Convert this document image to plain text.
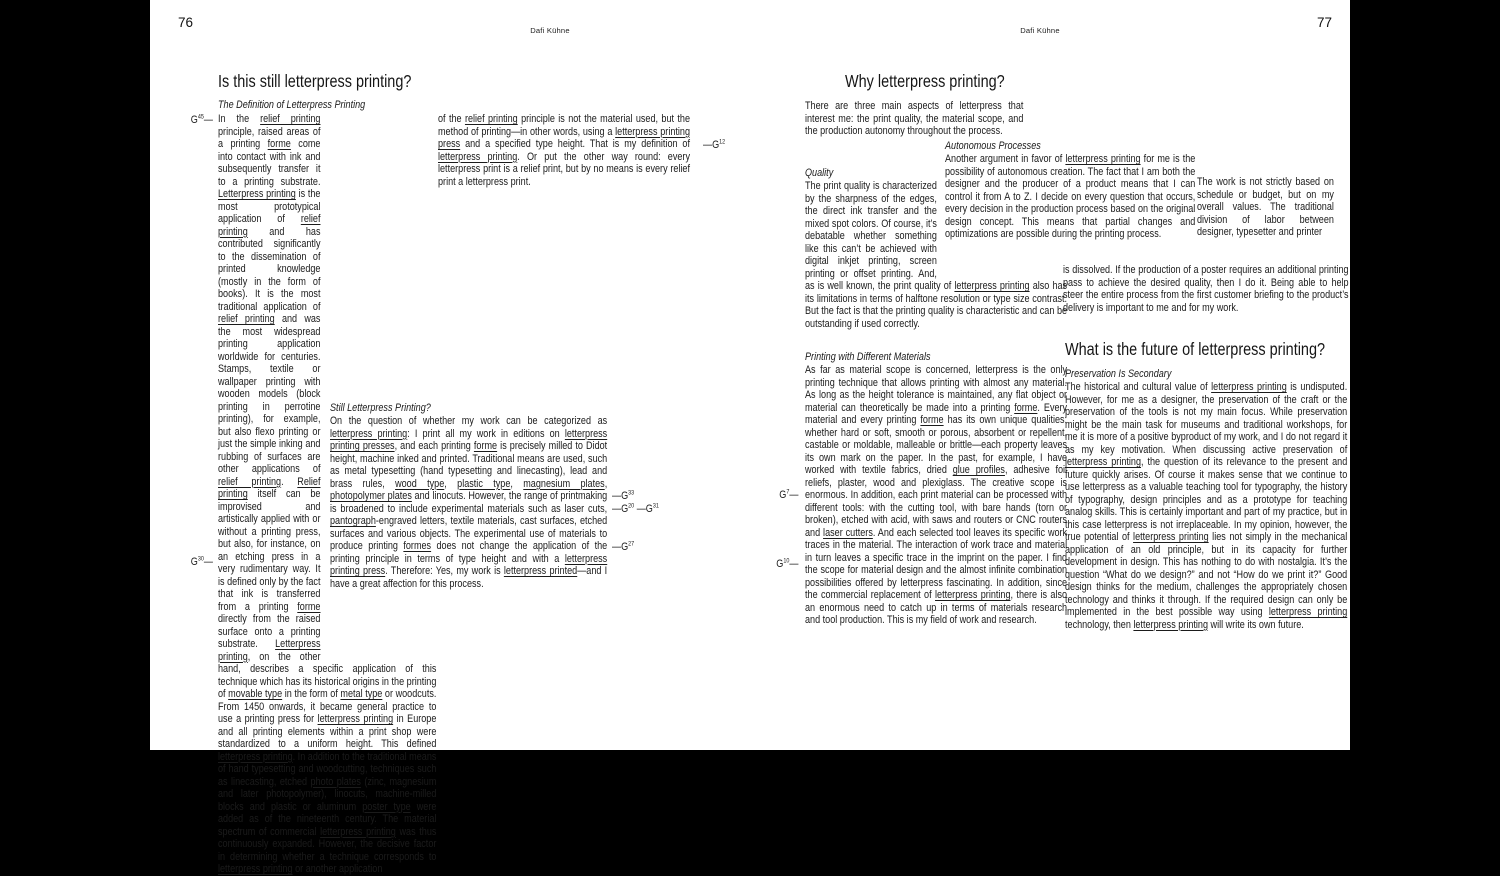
76
Dafi Kühne
Is this still letterpress printing?
The Definition of Letterpress Printing
$G^{45}—$
$G^{30}—$
In the relief printing principle, raised areas of a printing forme come into contact with ink and subsequently transfer it to a printing substrate. Letterpress printing is the most prototypical application of relief printing and has contributed significantly to the dissemination of printed knowledge (mostly in the form of books). It is the most traditional application of relief printing and was the most widespread printing application worldwide for centuries. Stamps, textile or wallpaper printing with wooden models (block printing in perrotine printing), for example, but also flexo printing or just the simple inking and rubbing of surfaces are other applications of relief printing. Relief printing itself can be improvised and artistically applied with or without a printing press, but also, for instance, on an etching press in a very rudimentary way. It is defined only by the fact that ink is transferred from a printing forme directly from the raised surface onto a printing substrate. Letterpress printing, on the other hand, describes a specific application of this technique which has its historical origins in the printing of movable type in the form of metal type or woodcuts. From 1450 onwards, it became general practice to use a printing press for letterpress printing in Europe and all printing elements within a print shop were standardized to a uniform height. This defined letterpress printing. In addition to the traditional means of hand typesetting and woodcutting, techniques such as linecasting, etched photo plates (zinc, magnesium and later photopolymer), linocuts, machine-milled blocks and plastic or aluminum poster type were added as of the nineteenth century. The material spectrum of commercial letterpress printing was thus continuously expanded. However, the decisive factor in determining whether a technique corresponds to letterpress printing or another application
of the relief printing principle is not the material used, but the method of printing—in other words, using a letterpress printing press and a specified type height. That is my definition of letterpress printing. Or put the other way round: every letterpress print is a relief print, but by no means is every relief print a letterpress print.
$—G^{12}$
Still Letterpress Printing?
On the question of whether my work can be categorized as letterpress printing: I print all my work in editions on letterpress printing presses, and each printing forme is precisely milled to Didot height, machine inked and printed. Traditional means are used, such as metal typesetting (hand typesetting and linecasting), lead and brass rules, wood type, plastic type, magnesium plates, photopolymer plates and linocuts. However, the range of printmaking is broadened to include experimental materials such as laser cuts, pantograph-engraved letters, textile materials, cast surfaces, etched surfaces and various objects. The experimental use of materials to produce printing formes does not change the application of the printing principle in terms of type height and with a letterpress printing press. Therefore: Yes, my work is letterpress printed—and I have a great affection for this process.
$—G^{33}$
$—G^{20}$ $—G^{31}$
$—G^{27}$
77
Dafi Kühne
Why letterpress printing?
There are three main aspects of letterpress that interest me: the print quality, the material scope, and the production autonomy throughout the process.
Quality
The print quality is characterized by the sharpness of the edges, the direct ink transfer and the mixed spot colors. Of course, it’s debatable whether something like this can’t be achieved with digital inkjet printing, screen printing or offset printing. And, as is well known, the print quality of letterpress printing also has its limitations in terms of halftone resolution or type size contrast. But the fact is that the printing quality is characteristic and can be outstanding if used correctly.
Autonomous Processes
Another argument in favor of letterpress printing for me is the possibility of autonomous creation. The fact that I am both the designer and the producer of a product means that I can control it from A to Z. I decide on every question that occurs, every decision in the production process based on the original design concept. This means that partial changes and optimizations are possible during the printing process.
The work is not strictly based on schedule or budget, but on my overall values. The traditional division of labor between designer, typesetter and printer
is dissolved. If the production of a poster requires an additional printing pass to achieve the desired quality, then I do it. Being able to help steer the entire process from the first customer briefing to the product’s delivery is important to me and for my work.
Printing with Different Materials
As far as material scope is concerned, letterpress is the only printing technique that allows printing with almost any material. As long as the height tolerance is maintained, any flat object or material can theoretically be made into a printing forme. Every material and every printing forme has its own unique qualities: whether hard or soft, smooth or porous, absorbent or repellent, castable or moldable, malleable or brittle—each property leaves its own mark on the paper. In the past, for example, I have worked with textile fabrics, dried glue profiles, adhesive foil reliefs, plaster, wood and plexiglass. The creative scope is enormous. In addition, each print material can be processed with different tools: with the cutting tool, with bare hands (torn or broken), etched with acid, with saws and routers or CNC routers and laser cutters. And each selected tool leaves its specific work traces in the material. The interaction of work trace and material in turn leaves a specific trace in the imprint on the paper. I find the scope for material design and the almost infinite combination possibilities offered by letterpress fascinating. In addition, since the commercial replacement of letterpress printing, there is also an enormous need to catch up in terms of materials research and tool production. This is my field of work and research.
$G^7—$
$G^{10}—$
What is the future of letterpress printing?
Preservation Is Secondary
The historical and cultural value of letterpress printing is undisputed. However, for me as a designer, the preservation of the craft or the preservation of the tools is not my main focus. While preservation might be the main task for museums and traditional workshops, for me it is more of a positive byproduct of my work, and I do not regard it as my key motivation. When discussing active preservation of letterpress printing, the question of its relevance to the present and future quickly arises. Of course it makes sense that we continue to use letterpress as a valuable teaching tool for typography, the history of typography, design principles and as a prototype for teaching analog skills. This is certainly important and part of my practice, but in this case letterpress is not irreplaceable. In my opinion, however, the true potential of letterpress printing lies not simply in the mechanical application of an old principle, but in its capacity for further development in design. This has nothing to do with nostalgia. It’s the question “What do we design?” and not “How do we print it?” Good design thinks for the medium, challenges the appropriately chosen technology and thinks it through. If the required design can only be implemented in the best possible way using letterpress printing technology, then letterpress printing will write its own future.
